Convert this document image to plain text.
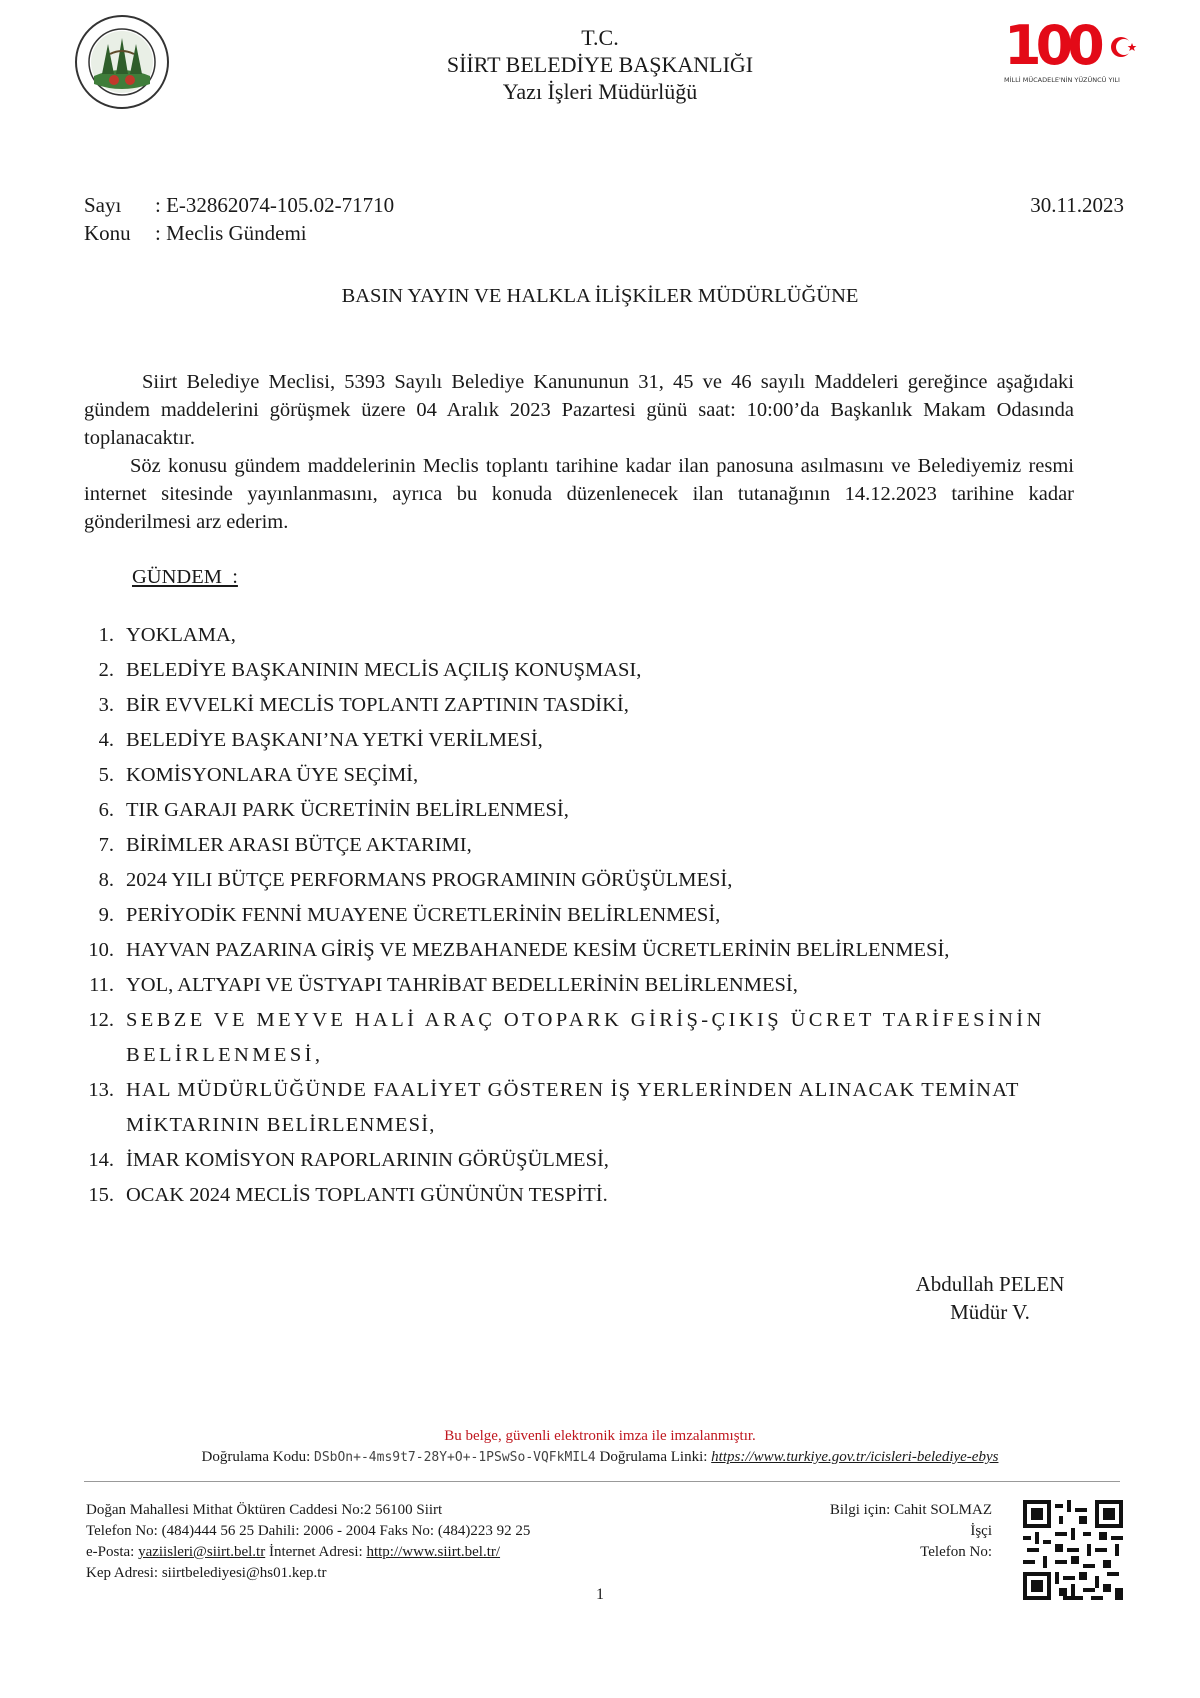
T.C.
SİİRT BELEDİYE BAŞKANLIĞI
Yazı İşleri Müdürlüğü
100
MİLLİ MÜCADELE'NİN YÜZÜNCÜ YILI
Sayı : E-32862074-105.02-71710	30.11.2023
Konu : Meclis Gündemi
BASIN YAYIN VE HALKLA İLİŞKİLER MÜDÜRLÜĞÜNE
Siirt Belediye Meclisi, 5393 Sayılı Belediye Kanununun 31, 45 ve 46 sayılı Maddeleri gereğince aşağıdaki gündem maddelerini görüşmek üzere 04 Aralık 2023 Pazartesi günü saat: 10:00’da Başkanlık Makam Odasında toplanacaktır.
Söz konusu gündem maddelerinin Meclis toplantı tarihine kadar ilan panosuna asılmasını ve Belediyemiz resmi internet sitesinde yayınlanmasını, ayrıca bu konuda düzenlenecek ilan tutanağının 14.12.2023 tarihine kadar gönderilmesi arz ederim.
GÜNDEM  :
1. YOKLAMA,
2. BELEDİYE BAŞKANININ MECLİS AÇILIŞ KONUŞMASI,
3. BİR EVVELKİ MECLİS TOPLANTI ZAPTININ TASDİKİ,
4. BELEDİYE BAŞKANI’NA YETKİ VERİLMESİ,
5. KOMİSYONLARA ÜYE SEÇİMİ,
6. TIR GARAJI PARK ÜCRETİNİN BELİRLENMESİ,
7. BİRİMLER ARASI BÜTÇE AKTARIMI,
8. 2024 YILI BÜTÇE PERFORMANS PROGRAMININ GÖRÜŞÜLMESİ,
9. PERİYODİK FENNİ MUAYENE ÜCRETLERİNİN BELİRLENMESİ,
10. HAYVAN PAZARINA GİRİŞ VE MEZBAHANEDE KESİM ÜCRETLERİNİN BELİRLENMESİ,
11. YOL, ALTYAPI VE ÜSTYAPI TAHRİBAT BEDELLERİNİN BELİRLENMESİ,
12. SEBZE VE MEYVE HALİ ARAÇ OTOPARK GİRİŞ-ÇIKIŞ ÜCRET TARİFESİNİN BELİRLENMESİ,
13. HAL MÜDÜRLÜĞÜNDE FAALİYET GÖSTEREN İŞ YERLERİNDEN ALINACAK TEMİNAT MİKTARININ BELİRLENMESİ,
14. İMAR KOMİSYON RAPORLARININ GÖRÜŞÜLMESİ,
15. OCAK 2024 MECLİS TOPLANTI GÜNÜNÜN TESPİTİ.
Abdullah PELEN
Müdür V.
Bu belge, güvenli elektronik imza ile imzalanmıştır.
Doğrulama Kodu: DSbOn+-4ms9t7-28Y+O+-1PSwSo-VQFkMIL4 Doğrulama Linki: https://www.turkiye.gov.tr/icisleri-belediye-ebys
Doğan Mahallesi Mithat Öktüren Caddesi No:2 56100 Siirt
Telefon No: (484)444 56 25 Dahili: 2006 - 2004 Faks No: (484)223 92 25
e-Posta: yaziisleri@siirt.bel.tr İnternet Adresi: http://www.siirt.bel.tr/
Kep Adresi: siirtbelediyesi@hs01.kep.tr
Bilgi için: Cahit SOLMAZ
İşçi
Telefon No:
1
